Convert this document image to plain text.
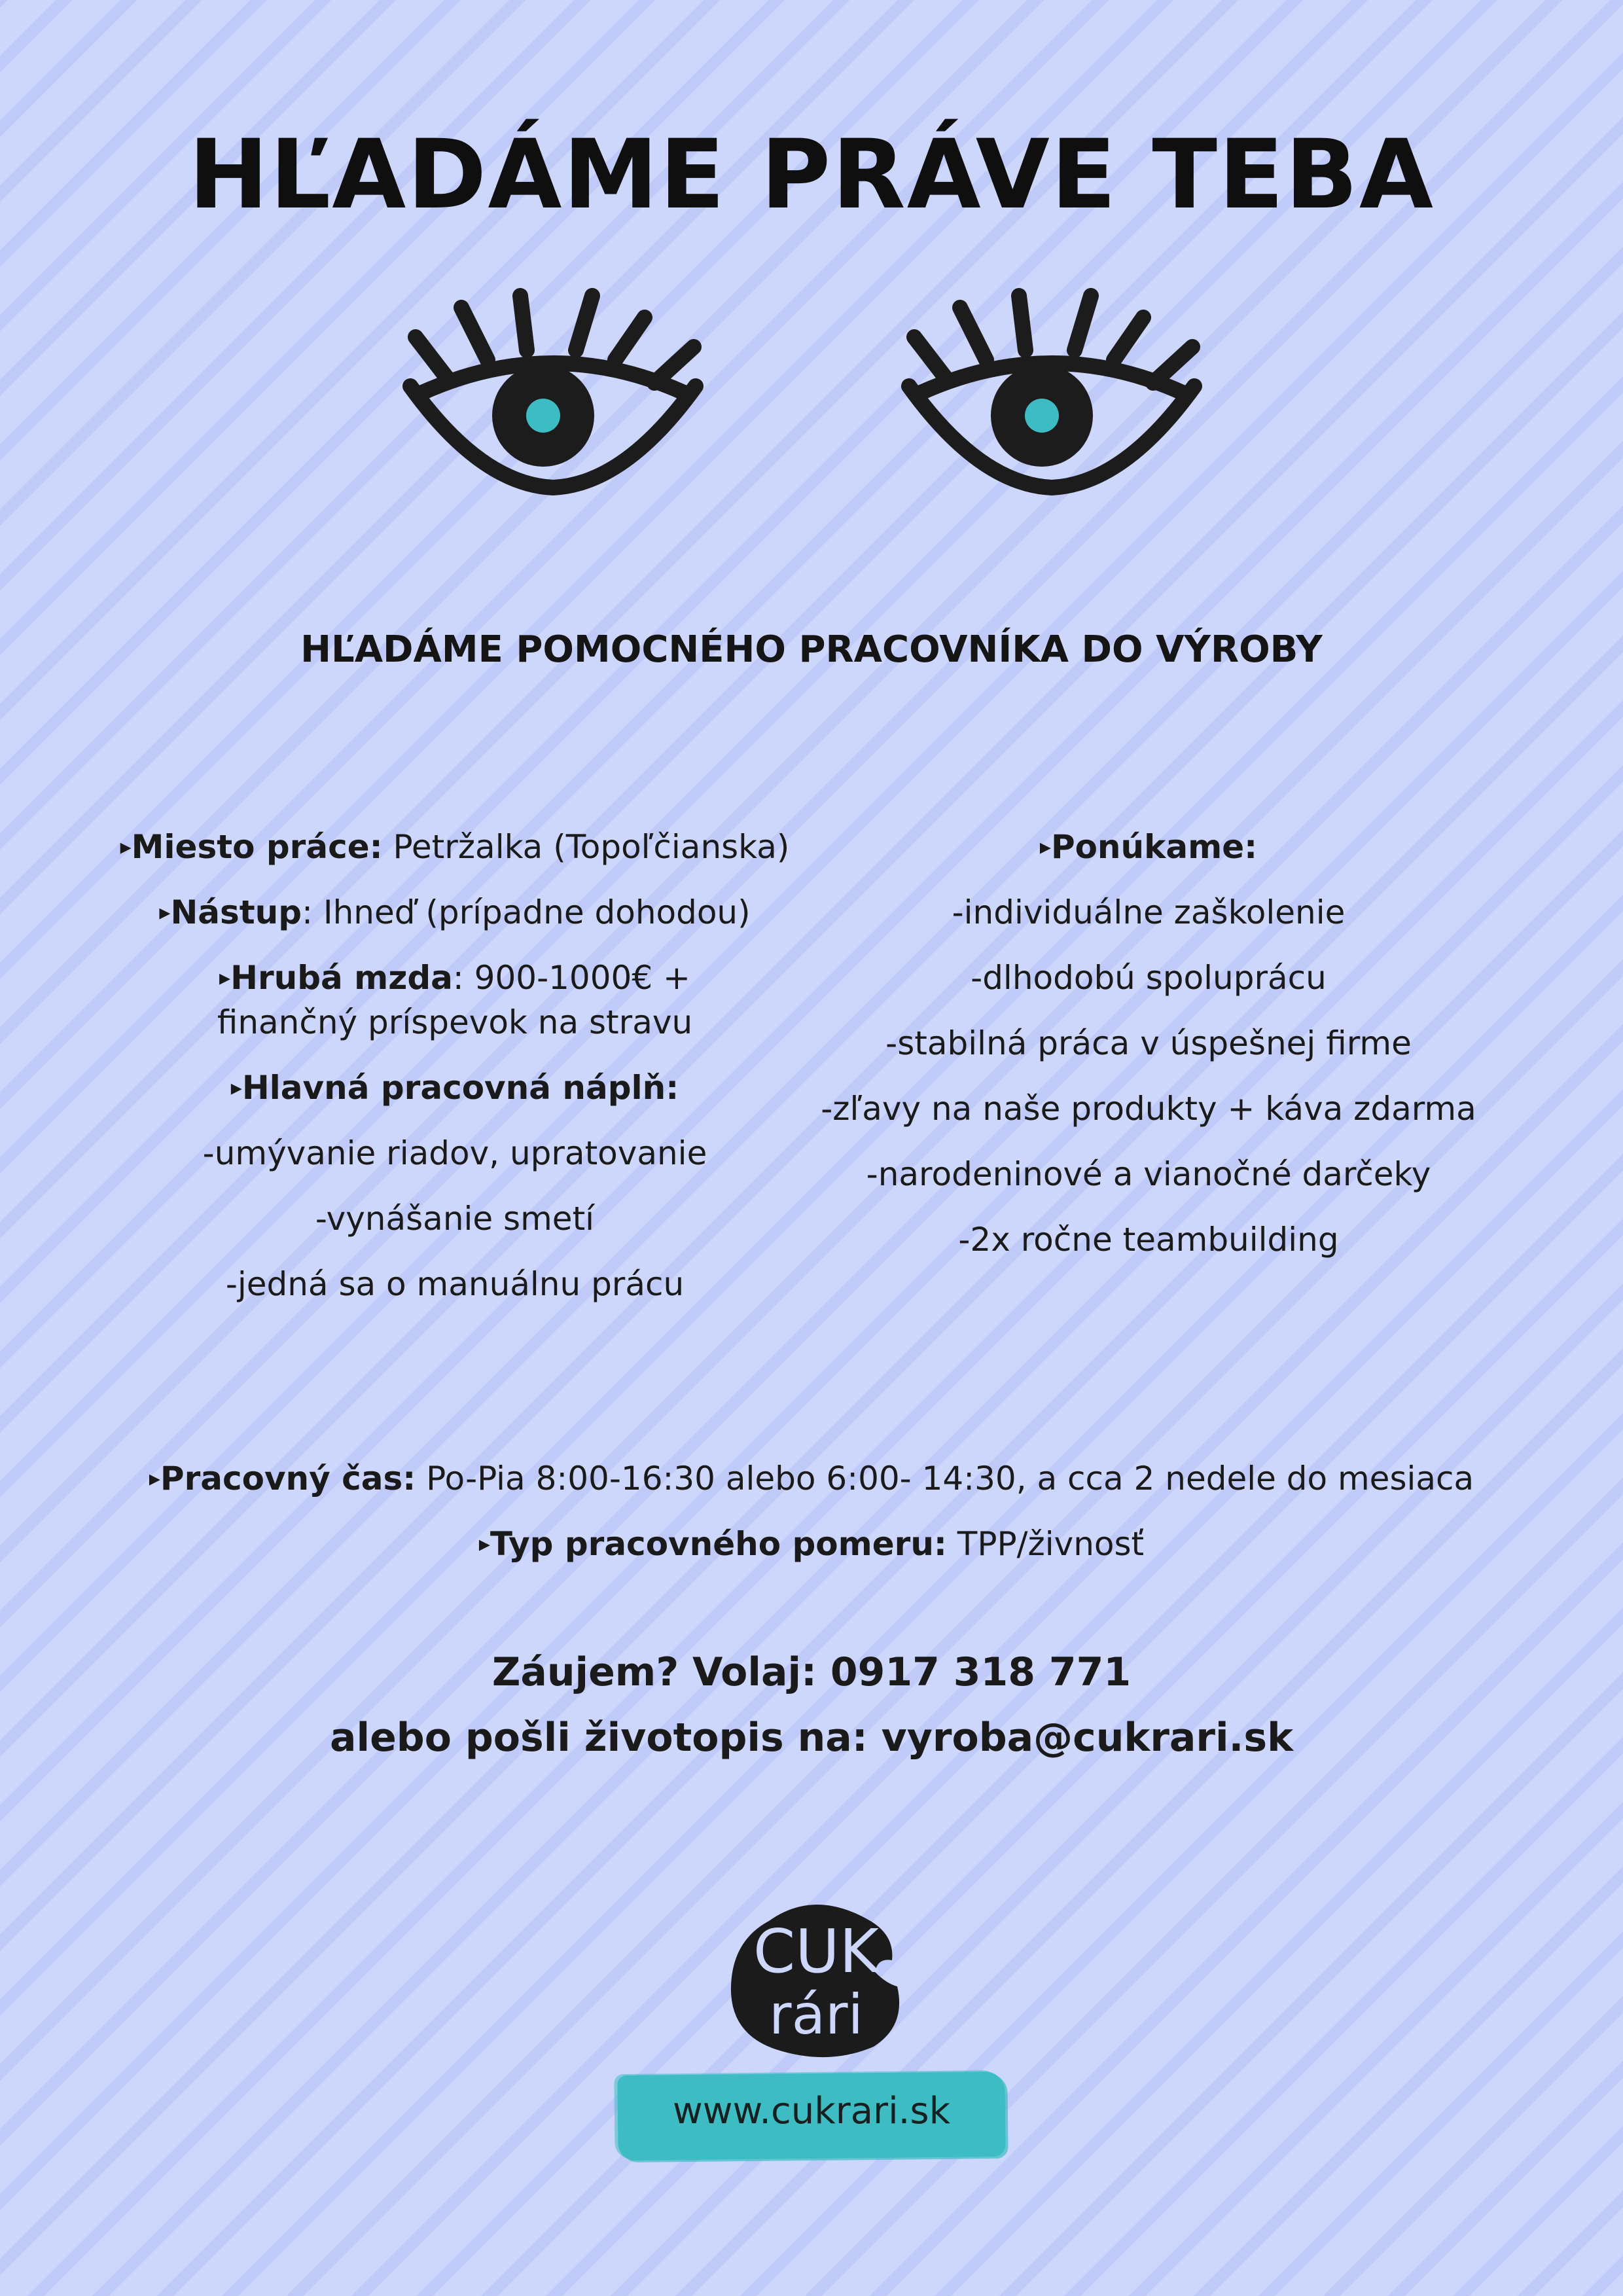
HĽADÁME PRÁVE TEBA
HĽADÁME POMOCNÉHO PRACOVNÍKA DO VÝROBY

▸Miesto práce: Petržalka (Topoľčianska)

▸Nástup: Ihneď (prípadne dohodou)

▸Hrubá mzda: 900-1000€ + finančný príspevok na stravu

▸Hlavná pracovná náplň:

-umývanie riadov, upratovanie

-vynášanie smetí

-jedná sa o manuálnu prácu

▸Ponúkame:

-individuálne zaškolenie

-dlhodobú spoluprácu

-stabilná práca v úspešnej firme

-zľavy na naše produkty + káva zdarma

-narodeninové a vianočné darčeky

-2x ročne teambuilding

▸Pracovný čas: Po-Pia 8:00-16:30 alebo 6:00- 14:30, a cca 2 nedele do mesiaca
▸Typ pracovného pomeru: TPP/živnosť
Záujem? Volaj: 0917 318 771
alebo pošli životopis na: vyroba@cukrari.sk
CUK
rári
www.cukrari.sk
